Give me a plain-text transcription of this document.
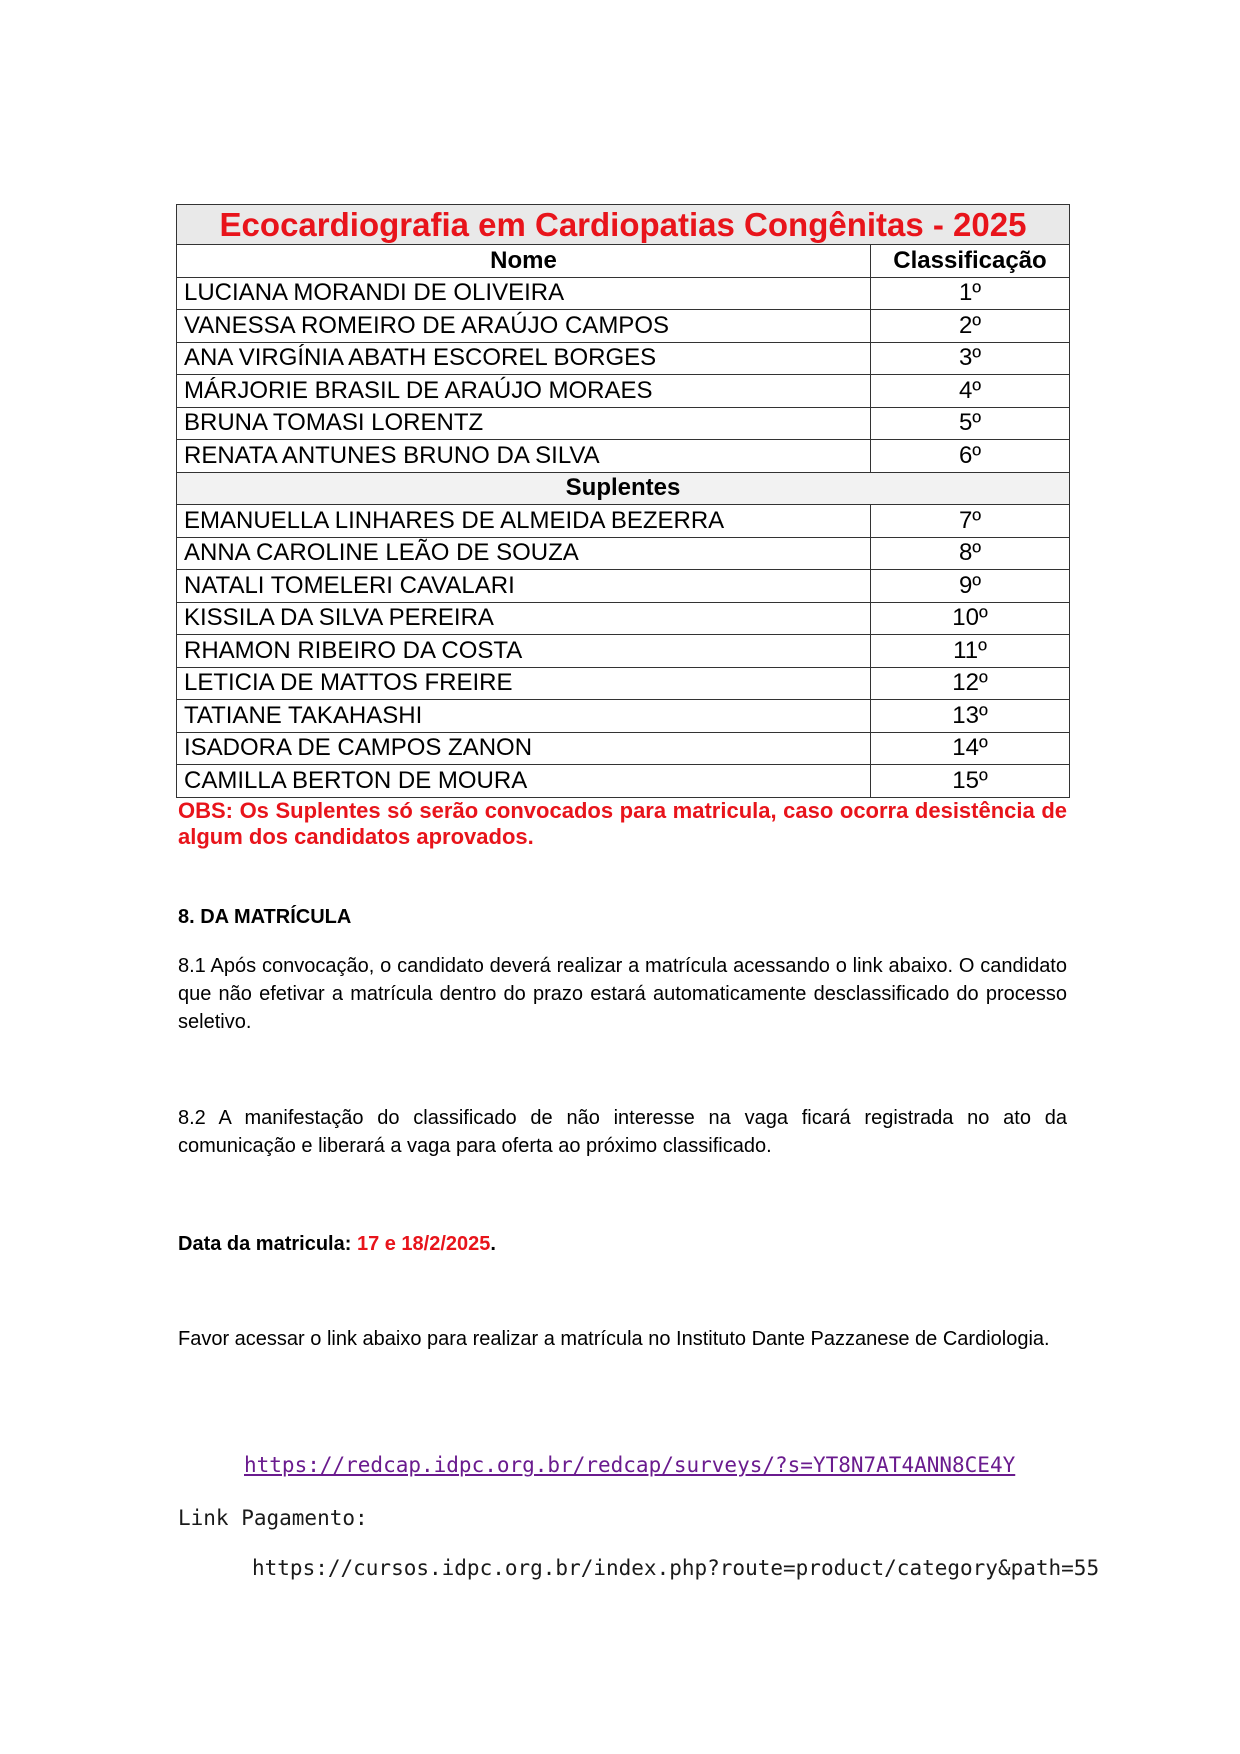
Ecocardiografia em Cardiopatias Congênitas - 2025	
Nome	Classificação
LUCIANA MORANDI DE OLIVEIRA	1º
VANESSA ROMEIRO DE ARAÚJO CAMPOS	2º
ANA VIRGÍNIA ABATH ESCOREL BORGES	3º
MÁRJORIE BRASIL DE ARAÚJO MORAES	4º
BRUNA TOMASI LORENTZ	5º
RENATA ANTUNES BRUNO DA SILVA	6º
Suplentes	
EMANUELLA LINHARES DE ALMEIDA BEZERRA	7º
ANNA CAROLINE LEÃO DE SOUZA	8º
NATALI TOMELERI CAVALARI	9º
KISSILA DA SILVA PEREIRA	10º
RHAMON RIBEIRO DA COSTA	11º
LETICIA DE MATTOS FREIRE	12º
TATIANE TAKAHASHI	13º
ISADORA DE CAMPOS ZANON	14º
CAMILLA BERTON DE MOURA	15º

OBS: Os Suplentes só serão convocados para matricula, caso ocorra desistência de algum dos candidatos aprovados.

8. DA MATRÍCULA

8.1 Após convocação, o candidato deverá realizar a matrícula acessando o link abaixo. O candidato que não efetivar a matrícula dentro do prazo estará automaticamente desclassificado do processo seletivo.

8.2 A manifestação do classificado de não interesse na vaga ficará registrada no ato da comunicação e liberará a vaga para oferta ao próximo classificado.

Data da matricula: 17 e 18/2/2025.

Favor acessar o link abaixo para realizar a matrícula no Instituto Dante Pazzanese de Cardiologia.

https://redcap.idpc.org.br/redcap/surveys/?s=YT8N7AT4ANN8CE4Y

Link Pagamento:

https://cursos.idpc.org.br/index.php?route=product/category&path=55
